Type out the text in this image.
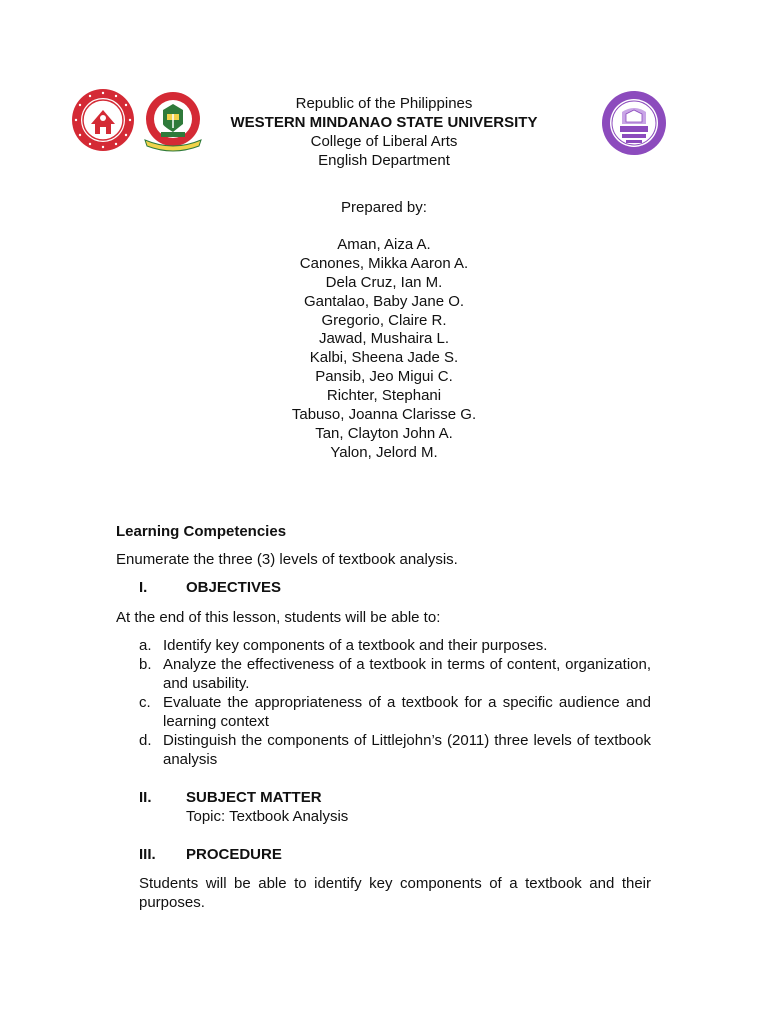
Republic of the Philippines
WESTERN MINDANAO STATE UNIVERSITY
College of Liberal Arts
English Department
Prepared by:
Aman, Aiza A.
Canones, Mikka Aaron A.
Dela Cruz, Ian M.
Gantalao, Baby Jane O.
Gregorio, Claire R.
Jawad, Mushaira L.
Kalbi, Sheena Jade S.
Pansib, Jeo Migui C.
Richter, Stephani
Tabuso, Joanna Clarisse G.
Tan, Clayton John A.
Yalon, Jelord M.
Learning Competencies
Enumerate the three (3) levels of textbook analysis.
I.	OBJECTIVES
At the end of this lesson, students will be able to:
a. Identify key components of a textbook and their purposes.
b. Analyze the effectiveness of a textbook in terms of content, organization, and usability.
c. Evaluate the appropriateness of a textbook for a specific audience and learning context
d. Distinguish the components of Littlejohn’s (2011) three levels of textbook analysis
II. SUBJECT MATTER
Topic: Textbook Analysis
III. PROCEDURE
Students will be able to identify key components of a textbook and their purposes.
